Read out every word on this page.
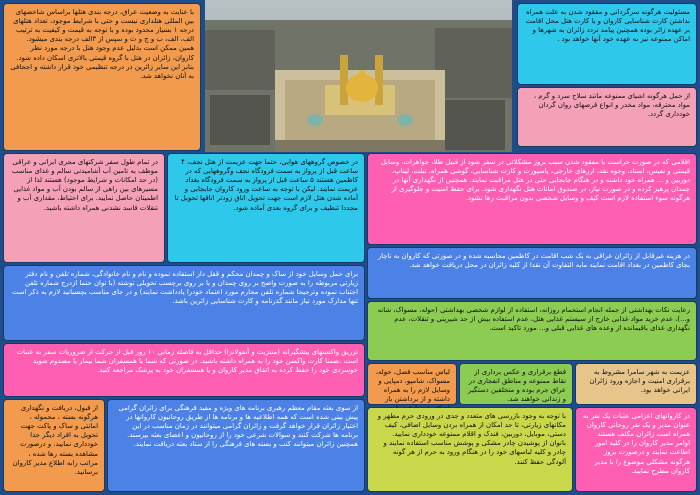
مسئولیت هرگونه سرگردانی و مفقود شدن به علت همراه نداشتن کارت شناسایی کاروان و یا کارت هتل محل اقامت بر عهده زائر بوده همچنین پیامد تردد زائران به شهرها و اماکن ممنوعه نیز به عهده خود آنها خواهد بود .
با عنایت به وضعیت عراق، درجه بندی هتلها براساس شاخصهای بین المللی هتلداری نیست و حتی با شرایط موجود، تعداد هتلهای درجه ۱ بسیار محدود بوده و با توجه به قیمت و کیفیت به ترتیب الف، الف، ب و ج و ث و سپس از ۳الف درجه بندی میشود. همین ممکن است بدلیل عدم وجود هتل با درجه مورد نظر کاروان، زائران در هتل با گروه قیمتی بالاتری اسکان داده شود. بنابر این سایر زائرین در درجه تنظیمی خود قرار داشته و اجحافی به آنان نخواهد شد.
از حمل هرگونه اشیای ممنوعه مانند سلاح سرد و گرم ، مواد محترقه، مواد مخدر و انواع قرصهای روان گردان خودداری گردد.
در تمام طول سفر شرکتهای مجری ایرانی و عراقی موظف به تامین آب آشامیدنی سالم و غذای مناسب (در حد امکانات و شرایط موجود) هستند لذا از مسیرهای بین راهی از سالم بودن آب و مواد غذایی اطمینان حاصل نمایید. برای احتیاط، مقداری آب و تنقلات فاسد نشدنی همراه داشته باشید.
در خصوص گروههای هوایی، حتما جهت عزیمت از هتل نجف، ۴ ساعت قبل از پرواز به سمت فرودگاه نجف وگروههایی که در کاظمین هستند ۵ ساعت قبل از پرواز به سمت فرودگاه بغداد عزیمت نمایند. لیکن با توجه به ساعت ورود کاروان جابجایی و آماده شدن هتل لازم است جهت تحویل اتاق زودتر اتاقها تحویل تا مجددا تنظیف و برای گروه بعدی آماده شود.
اقلامی که در صورت حراست یا مفقود شدن سبب بروز مشکلاتی در سفر شود از قبیل طلا، جواهرات، وسایل قیمتی و نفیس، اسناد، وجوه نقد، ارزهای خارجی، پاسپورت و کارت شناسایی، گوشی همراه، تبلت، لپتاپ، دوربین و ... همراه خود داشته و در هنگام جابجایی حتی در هتل مراقبت نمایند. همچنین از نگهداری آنها در چمدان پرهیز کرده و در صورت نیاز، در صندوق امانات هتل نگهداری شود. برای حفظ امنیت و جلوگیری از هرگونه سوء استفاده لازم است کیف و وسایل شخصی بدون مراقبت رها نشود.
در هزینه غیرقابل از زائران عراقی به یک شب اقامت در کاظمین محاسبه شده و در صورتی که کاروان به ناچار بجای کاظمین در بغداد اقامت نمایند مابه التفاوت آن نقدا از کلیه زائران در محل دریافت خواهد شد.
برای حمل وسایل خود از ساک و چمدان محکم و قفل دار استفاده نموده و نام و نام خانوادگی، شماره تلفن و نام دفتر زیارتی مربوطه را به صورت واضح بر روی چمدان و یا بر روی برچسب تحویلی نوشته (با توان حتما ازدرج شماره تلفن اجتناب نموده وترجیحا شماره تلفن محارم مورد اعتماد خودرا یادداشت نمایند) و در جای مناسب بچسبانید لازم به ذکر است تنها مدارک مورد نیاز مانند گذرنامه و کارت شناسایی زائرین باشد.
رعایت نکات بهداشتی از جمله انجام استحمام روزانه، استفاده از لوازم شخصی بهداشتی (حوله، مسواک، شانه و...)، عدم خرید مواد غذایی خارج از سیستم غذایی هتل، عدم استفاده بیش از حد شیرینی و تنقلات، عدم نگهداری غذای باقیمانده از وعده های غذایی قبلی و... مورد تاکید است.
تزریق واکسنهای پیشگیرانه (منتژیت و آنفولانزا) حداقل به فاصله زمانی ۱۰ روز قبل از حرکت از ضروریات سفر به عتبات است .ضمنا کارت واکسن خود را به همراه داشته باشید. در صورتی که شما یا همسفران شما بیمار یا مصدوم شوید خوسردی خود را حفظ کرده به اتفاق مدیر کاروان و یا همسفران خود به پزشک مراجعه کنید.	عزیمت به شهر سامرا مشروط به برقراری امنیت و اجازه ورود زائران ایرانی خواهد بود.
قطع برقراری و عکس برداری از نقاط ممنوعه و مناطق انفجاری در عراق جرم بوده و متخلفین دستگیر و زندانی خواهند شد.
لباس مناسب فصل، حوله، مسواک، شامپو، دمپایی و وسایل لازم را به همراه داشته و از برداشتن بار
از قبول، دریافت و نگهداری هرگونه بسته ، محموله ، امانتی و ساک و پاکت جهت تحویل به افراد دیگر جدا خودداری نمایید. و درصورت مشاهده بسته رها شده ، مراتب رابه اطلاع مدیر کاروان برسانید.
از سوی بعثه مقام معظم رهبری برنامه های ویژه و مفید فرهنگی برای زائران گرامی پیش بینی شده است که همه اطلاعیه ها و برنامه ها از طریق روحانیون کاروانها در اختیار زائران قرار خواهد گرفت و زائران گرامی میتوانند در زمان مناسب در این برنامه ها شرکت کنند و سوالات شرعی خود را از روحانیون و اعضای بعثه بپرسند. همچنین زائران میتوانند کتب و بسته های فرهنگی را از ستاد بعثه دریافت نمایند.
با توجه به وجود بازرسی های متعدد و جدی در ورودی حرم مطهر و مکانهای زیارتی، تا حد امکان از همراه بردن وسایل اضافی، کیف دستی، موبایل، دوربین، فندک و اقلام ممنوعه خودداری نمایید. بانوان از پوشیدن چادر مشکی و پوشش مناسب استفاده نمایند و چادر و کلیه لباسهای خود را در هنگام ورود به حرم از هر گونه آلودگی حفظ کنند.
در کاروانهای اعزامی عتبات یک نفر به عنوان مدیر و یک نفر روحانی کاروان همراه است زائران مکلف هستند اوامر مدیر کاروان را در کلیه امور اطاعت نمایند و درصورت بروز هرگونه مشکلی موضوع را با مدیر کاروان مطرح نمایید.
